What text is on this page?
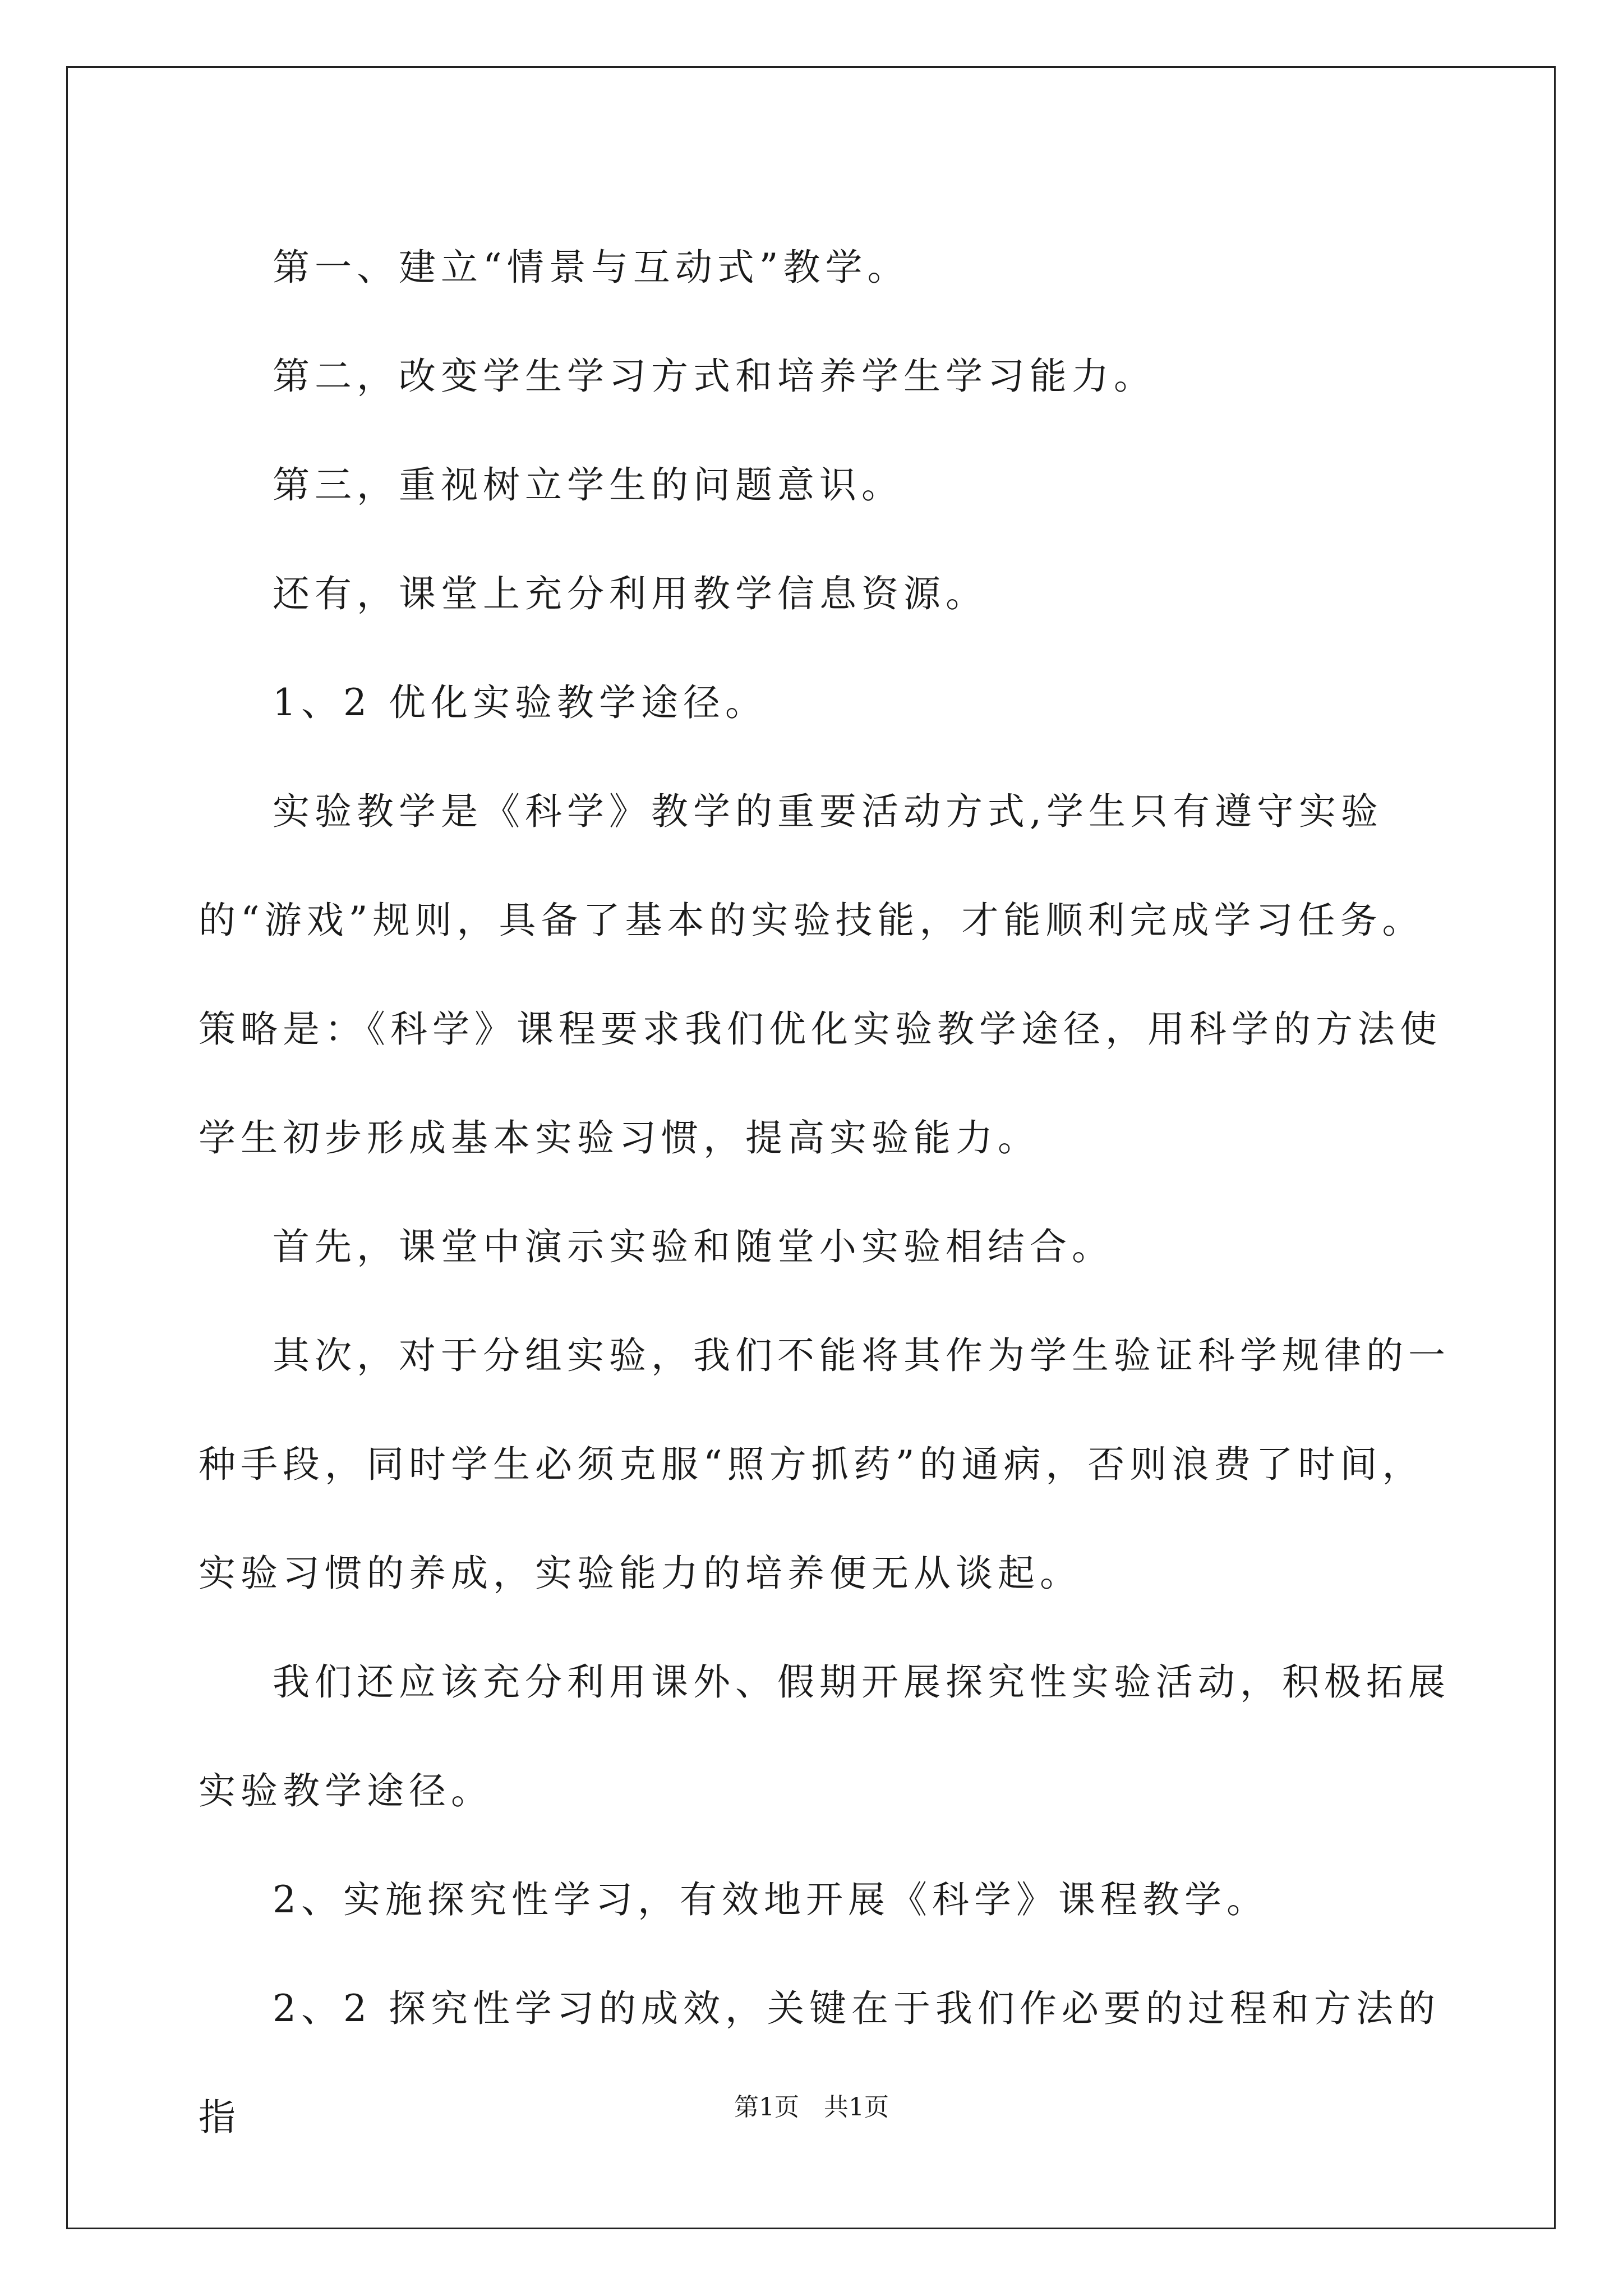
第一、建立“情景与互动式”教学。

第二，改变学生学习方式和培养学生学习能力。

第三，重视树立学生的问题意识。

还有，课堂上充分利用教学信息资源。

1、2 优化实验教学途径。

实验教学是《科学》教学的重要活动方式,学生只有遵守实验的“游戏”规则，具备了基本的实验技能，才能顺利完成学习任务。策略是：《科学》课程要求我们优化实验教学途径，用科学的方法使学生初步形成基本实验习惯，提高实验能力。

首先，课堂中演示实验和随堂小实验相结合。

其次，对于分组实验，我们不能将其作为学生验证科学规律的一种手段，同时学生必须克服“照方抓药”的通病，否则浪费了时间，实验习惯的养成，实验能力的培养便无从谈起。

我们还应该充分利用课外、假期开展探究性实验活动，积极拓展实验教学途径。

2、实施探究性学习，有效地开展《科学》课程教学。

2、2 探究性学习的成效，关键在于我们作必要的过程和方法的指	第1页　共1页
